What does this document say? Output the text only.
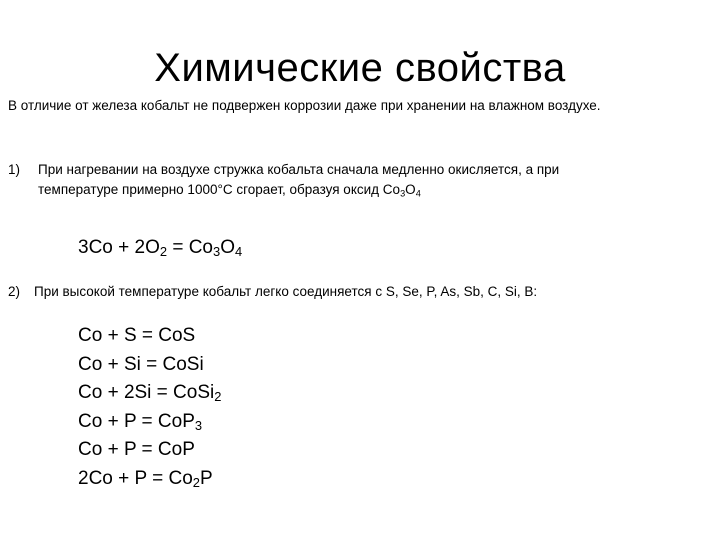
Химические свойства
В отличие от железа кобальт не подвержен коррозии даже при хранении на влажном воздухе.
1) При нагревании на воздухе стружка кобальта сначала медленно окисляется, а при
температуре примерно 1000°С сгорает, образуя оксид $Co_3O_4$
$3Co + 2O_2 = Co_3O_4$
2) При высокой температуре кобальт легко соединяется с S, Se, P, As, Sb, C, Si, B:
Co + S = CoS
Co + Si = CoSi
Co + 2Si = CoSi$_2$
Co + P = CoP$_3$
Co + P = CoP
$2Co + P = Co_2P$
